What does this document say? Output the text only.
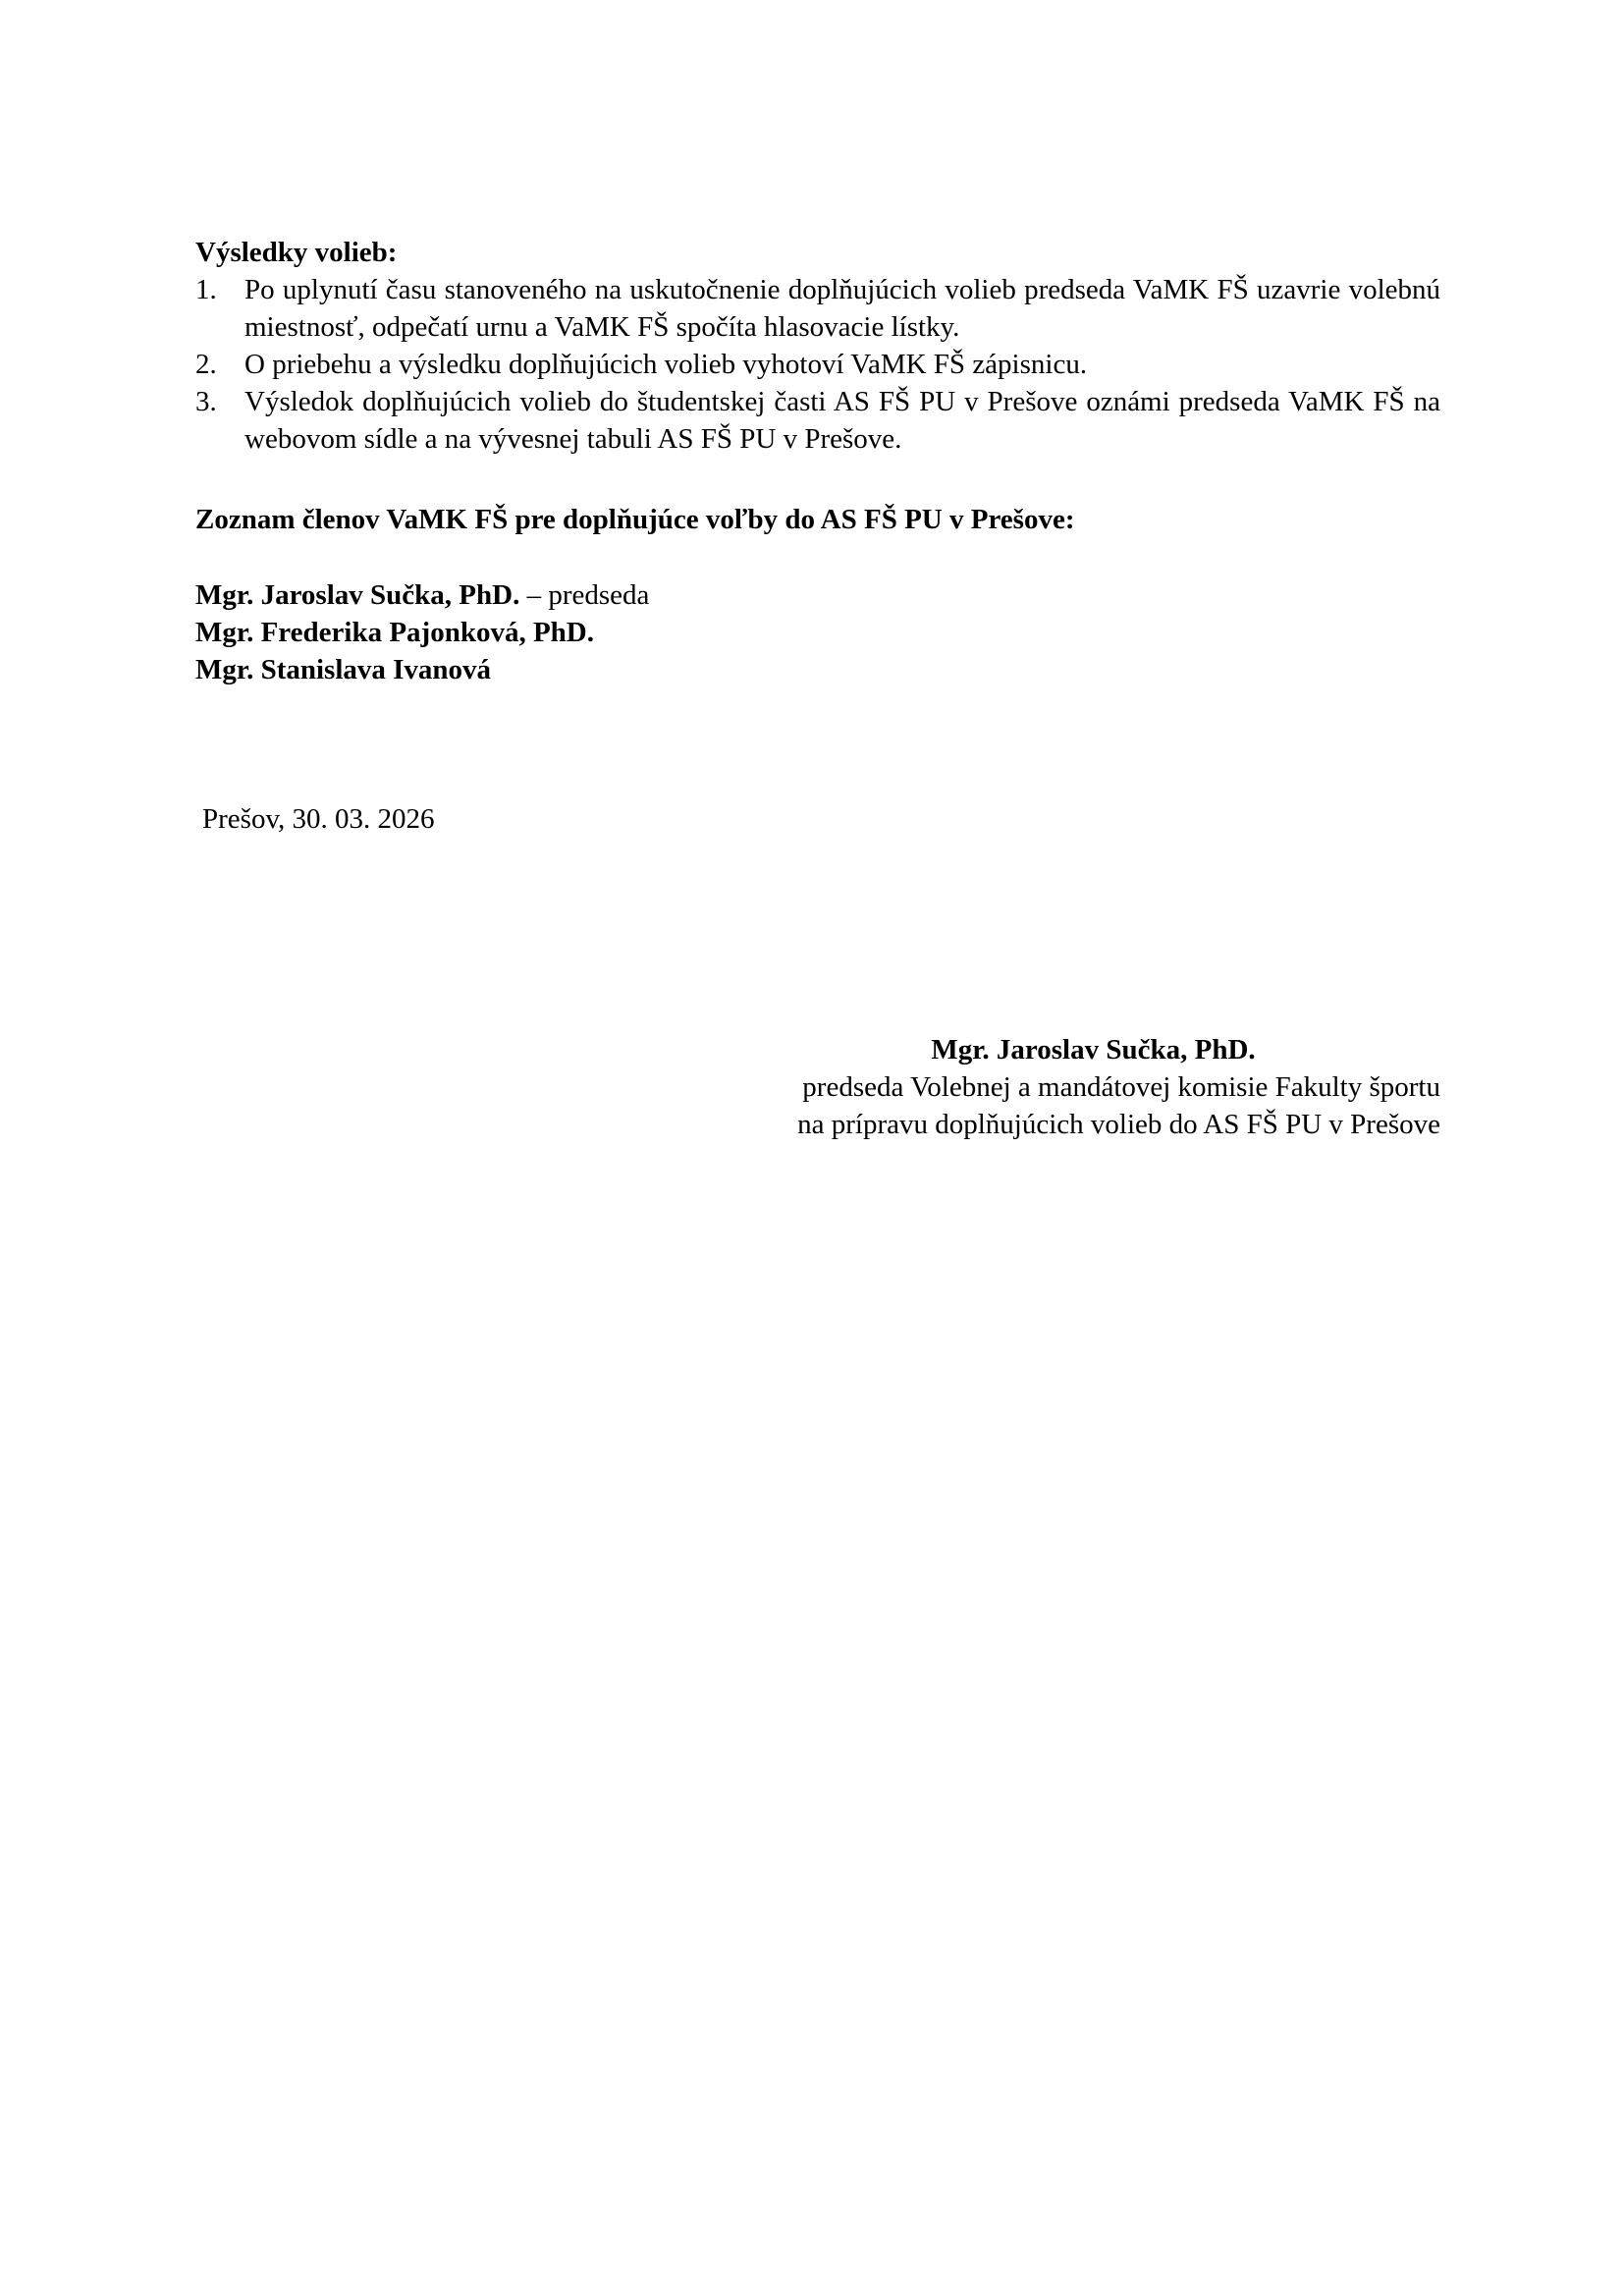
Výsledky volieb:
1. Po uplynutí času stanoveného na uskutočnenie doplňujúcich volieb predseda VaMK FŠ uzavrie volebnú miestnosť, odpečatí urnu a VaMK FŠ spočíta hlasovacie lístky.
2. O priebehu a výsledku doplňujúcich volieb vyhotoví VaMK FŠ zápisnicu.
3. Výsledok doplňujúcich volieb do študentskej časti AS FŠ PU v Prešove oznámi predseda VaMK FŠ na webovom sídle a na vývesnej tabuli AS FŠ PU v Prešove.
Zoznam členov VaMK FŠ pre doplňujúce voľby do AS FŠ PU v Prešove:
Mgr. Jaroslav Sučka, PhD. – predseda
Mgr. Frederika Pajonková, PhD.
Mgr. Stanislava Ivanová
Prešov, 30. 03. 2026
Mgr. Jaroslav Sučka, PhD.
predseda Volebnej a mandátovej komisie Fakulty športu
na prípravu doplňujúcich volieb do AS FŠ PU v Prešove
